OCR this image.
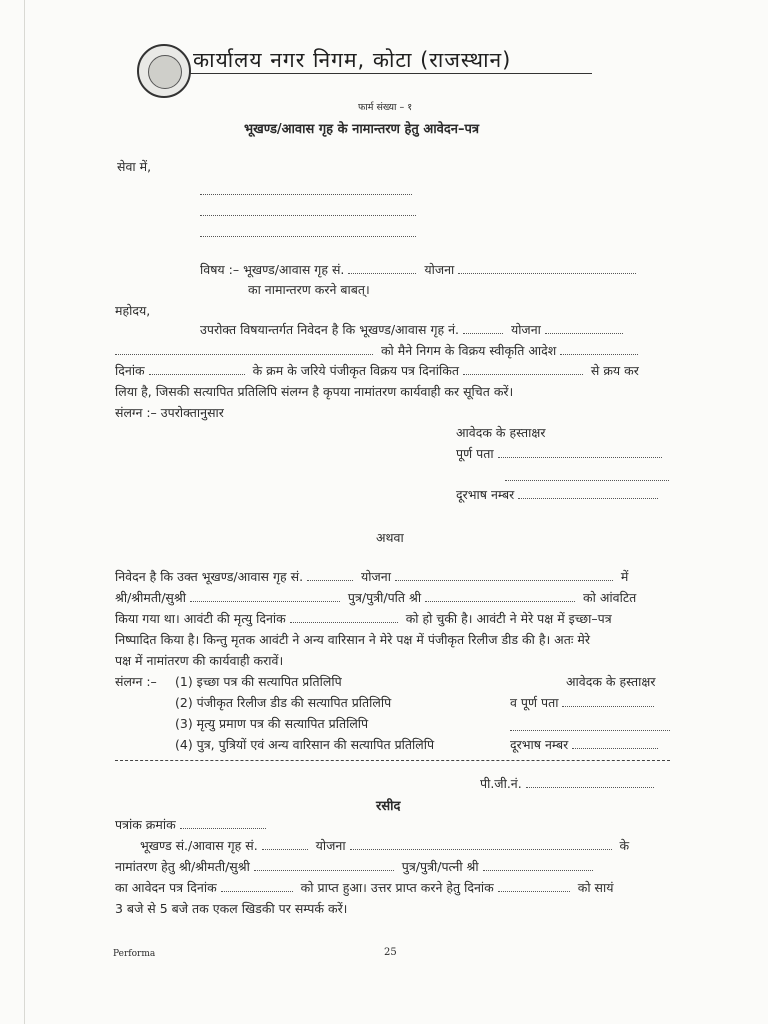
कार्यालय नगर निगम, कोटा (राजस्थान)
फार्म संख्या – १
भूखण्ड/आवास गृह के नामान्तरण हेतु आवेदन–पत्र
सेवा में,
विषय :– भूखण्ड/आवास गृह सं.	योजना
का नामान्तरण करने बाबत्।
महोदय,
उपरोक्त विषयान्तर्गत निवेदन है कि भूखण्ड/आवास गृह नं.	योजना
को मैने निगम के विक्रय स्वीकृति आदेश
दिनांक	के क्रम के जरिये पंजीकृत विक्रय पत्र दिनांकित	से क्रय कर
लिया है, जिसकी सत्यापित प्रतिलिपि संलग्न है कृपया नामांतरण कार्यवाही कर सूचित करें।
संलग्न :– उपरोक्तानुसार
आवेदक के हस्ताक्षर
पूर्ण पता
दूरभाष नम्बर
अथवा
निवेदन है कि उक्त भूखण्ड/आवास गृह सं.	योजना	में
श्री/श्रीमती/सुश्री	पुत्र/पुत्री/पति श्री	को आंवटित
किया गया था। आवंटी की मृत्यु दिनांक	को हो चुकी है। आवंटी ने मेरे पक्ष में इच्छा–पत्र
निष्पादित किया है। किन्तु मृतक आवंटी ने अन्य वारिसान ने मेरे पक्ष में पंजीकृत रिलीज डीड की है। अतः मेरे
पक्ष में नामांतरण की कार्यवाही करावें।
संलग्न :– (1) इच्छा पत्र की सत्यापित प्रतिलिपि
(2) पंजीकृत रिलीज डीड की सत्यापित प्रतिलिपि
(3) मृत्यु प्रमाण पत्र की सत्यापित प्रतिलिपि
(4) पुत्र, पुत्रियों एवं अन्य वारिसान की सत्यापित प्रतिलिपि
आवेदक के हस्ताक्षर
व पूर्ण पता
दूरभाष नम्बर
पी.जी.नं.
रसीद
पत्रांक क्रमांक
भूखण्ड सं./आवास गृह सं.	योजना	के
नामांतरण हेतु श्री/श्रीमती/सुश्री	पुत्र/पुत्री/पत्नी श्री
का आवेदन पत्र दिनांक	को प्राप्त हुआ। उत्तर प्राप्त करने हेतु दिनांक	को सायं
3 बजे से 5 बजे तक एकल खिडकी पर सम्पर्क करें।
Performa	25
